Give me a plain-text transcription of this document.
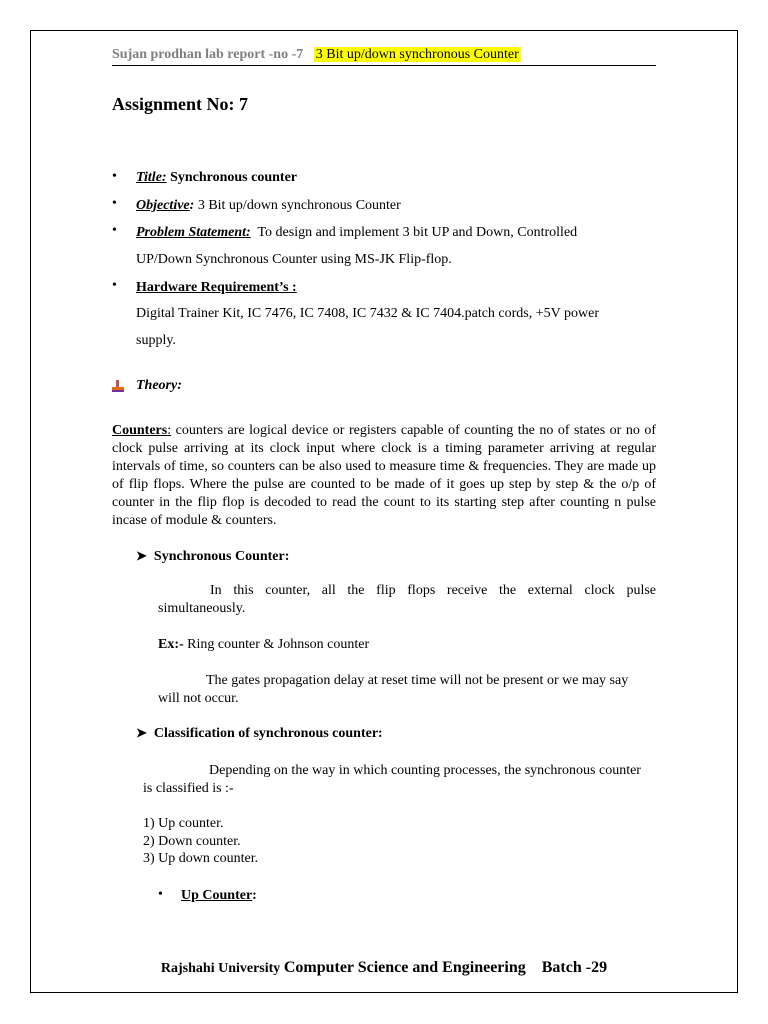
Sujan prodhan lab report -no -7 3 Bit up/down synchronous Counter
Assignment No: 7
• Title: Synchronous counter
• Objective: 3 Bit up/down synchronous Counter
• Problem Statement: To design and implement 3 bit UP and Down, Controlled
UP/Down Synchronous Counter using MS-JK Flip-flop.
• Hardware Requirement’s :
Digital Trainer Kit, IC 7476, IC 7408, IC 7432 & IC 7404.patch cords, +5V power
supply.
Theory:
Counters: counters are logical device or registers capable of counting the no of states or no of clock pulse arriving at its clock input where clock is a timing parameter arriving at regular intervals of time, so counters can be also used to measure time & frequencies. They are made up of flip flops. Where the pulse are counted to be made of it goes up step by step & the o/p of counter in the flip flop is decoded to read the count to its starting step after counting n pulse incase of module & counters.
➤ Synchronous Counter:
In this counter, all the flip flops receive the external clock pulse simultaneously.
Ex:- Ring counter & Johnson counter
The gates propagation delay at reset time will not be present or we may say will not occur.
➤ Classification of synchronous counter:
Depending on the way in which counting processes, the synchronous counter is classified is :-
1) Up counter.
2) Down counter.
3) Up down counter.
• Up Counter:
Rajshahi University Computer Science and Engineering    Batch -29
